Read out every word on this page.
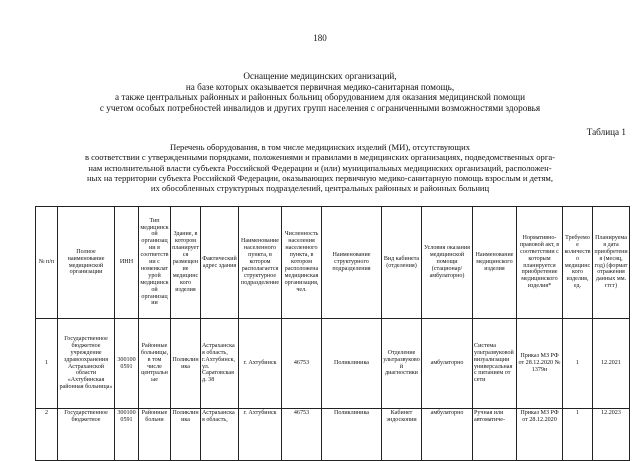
180
Оснащение медицинских организаций,
на базе которых оказывается первичная медико-санитарная помощь,
а также центральных районных и районных больниц оборудованием для оказания медицинской помощи
с учетом особых потребностей инвалидов и других групп населения с ограниченными возможностями здоровья
Таблица 1
Перечень оборудования, в том числе медицинских изделий (МИ), отсутствующих
в соответствии с утвержденными порядками, положениями и правилами в медицинских организациях, подведомственных орга-
нам исполнительной власти субъекта Российской Федерации и (или) муниципальных медицинских организаций, расположен-
ных на территории субъекта Российской Федерации, оказывающих первичную медико-санитарную помощь взрослым и детям,
их обособленных структурных подразделений, центральных районных и районных больниц
№ п/п	Полное наименование медицинской организации	ИНН	Тип медицинской организации в соответствии с номенклатурой медицинской организации	Здание, в котором планируется размещение медицинского изделия	Фактический адрес здания	Наименование населенного пункта, в котором располагается структурное подразделение	Численность населения населенного пункта, в котором расположена медицинская организация, чел.	Наименование структурного подразделения	Вид кабинета (отделения)	Условия оказания медицинской помощи (стационар/амбулаторно)	Наименование медицинского изделия	Нормативно-правовой акт, в соответствии с которым планируется приобретение медицинского изделия*	Требуемое количество медицинского изделия, ед.	Планируемая дата приобретения (месяц, год) (формат отражения данных мм. гггг)
1	Государственное бюджетное учреждение здравоохранения Астраханской области «Ахтубинская районная больница»	3001000591	Районные больницы, в том числе центральные	Поликлиника	Астраханская область, г.Ахтубинск, ул. Саратовская д. 38	г. Ахтубинск	46753	Поликлиника	Отделение ультразвуковой диагностики	амбулаторно	Система ультразвуковой визуализации универсальная с питанием от сети	Приказ МЗ РФ от 28.12.2020 № 1379н	1	12.2021
2	Государственное бюджетное	3001000591	Районные больни	Поликлиника	Астраханская область,	г. Ахтубинск	46753	Поликлиника	Кабинет эндоскопии	амбулаторно	Ручная или автоматиче-	Приказ МЗ РФ от 28.12.2020	1	12.2023
